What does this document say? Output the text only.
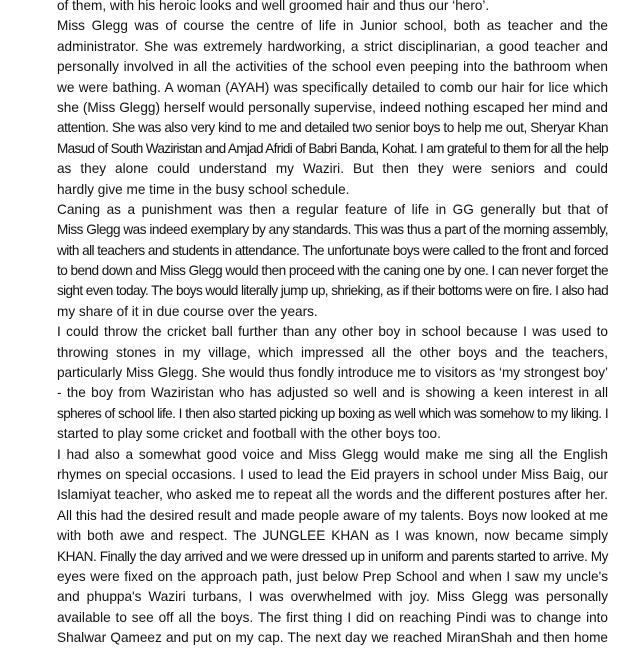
of them, with his heroic looks and well groomed hair and thus our ‘hero’.
Miss Glegg was of course the centre of life in Junior school, both as teacher and the
administrator. She was extremely hardworking, a strict disciplinarian, a good teacher and
personally involved in all the activities of the school even peeping into the bathroom when
we were bathing. A woman (AYAH) was specifically detailed to comb our hair for lice which
she (Miss Glegg) herself would personally supervise, indeed nothing escaped her mind and
attention. She was also very kind to me and detailed two senior boys to help me out, Sheryar Khan
Masud of South Waziristan and Amjad Afridi of Babri Banda, Kohat. I am grateful to them for all the help
as they alone could understand my Waziri. But then they were seniors and could
hardly give me time in the busy school schedule.
Caning as a punishment was then a regular feature of life in GG generally but that of
Miss Glegg was indeed exemplary by any standards. This was thus a part of the morning assembly,
with all teachers and students in attendance. The unfortunate boys were called to the front and forced
to bend down and Miss Glegg would then proceed with the caning one by one. I can never forget the
sight even today. The boys would literally jump up, shrieking, as if their bottoms were on fire. I also had
my share of it in due course over the years.
I could throw the cricket ball further than any other boy in school because I was used to
throwing stones in my village, which impressed all the other boys and the teachers,
particularly Miss Glegg. She would thus fondly introduce me to visitors as ‘my strongest boy’
- the boy from Waziristan who has adjusted so well and is showing a keen interest in all
spheres of school life. I then also started picking up boxing as well which was somehow to my liking. I
started to play some cricket and football with the other boys too.
I had also a somewhat good voice and Miss Glegg would make me sing all the English
rhymes on special occasions. I used to lead the Eid prayers in school under Miss Baig, our
Islamiyat teacher, who asked me to repeat all the words and the different postures after her.
All this had the desired result and made people aware of my talents. Boys now looked at me
with both awe and respect. The JUNGLEE KHAN as I was known, now became simply
KHAN. Finally the day arrived and we were dressed up in uniform and parents started to arrive. My
eyes were fixed on the approach path, just below Prep School and when I saw my uncle's
and phuppa's Waziri turbans, I was overwhelmed with joy. Miss Glegg was personally
available to see off all the boys. The first thing I did on reaching Pindi was to change into
Shalwar Qameez and put on my cap. The next day we reached MiranShah and then home
